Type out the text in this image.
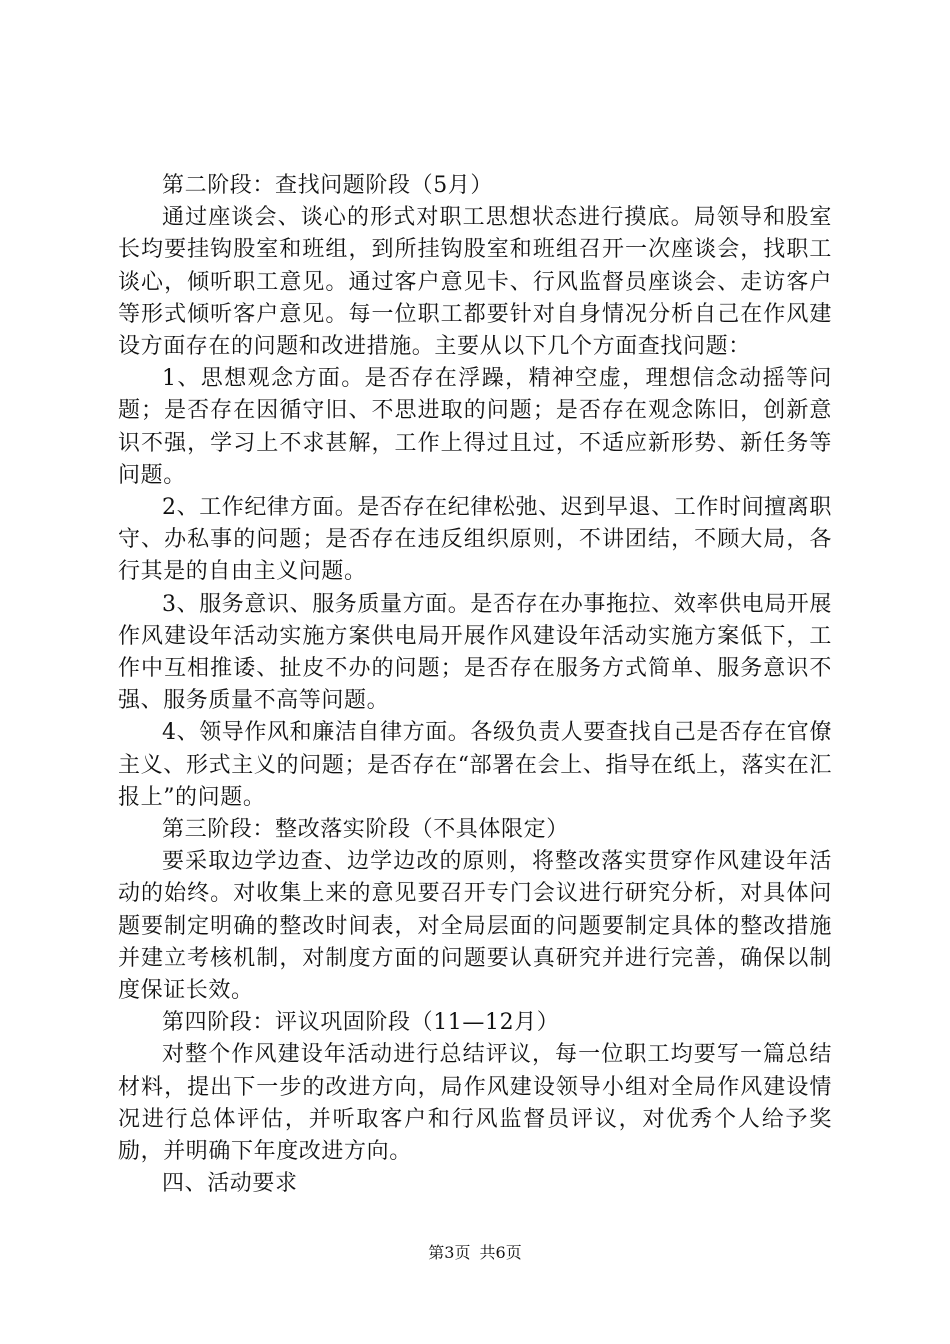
第二阶段：查找问题阶段（5月）

通过座谈会、谈心的形式对职工思想状态进行摸底。局领导和股室长均要挂钩股室和班组，到所挂钩股室和班组召开一次座谈会，找职工谈心，倾听职工意见。通过客户意见卡、行风监督员座谈会、走访客户等形式倾听客户意见。每一位职工都要针对自身情况分析自己在作风建设方面存在的问题和改进措施。主要从以下几个方面查找问题：

1、思想观念方面。是否存在浮躁，精神空虚，理想信念动摇等问题；是否存在因循守旧、不思进取的问题；是否存在观念陈旧，创新意识不强，学习上不求甚解，工作上得过且过，不适应新形势、新任务等问题。

2、工作纪律方面。是否存在纪律松弛、迟到早退、工作时间擅离职守、办私事的问题；是否存在违反组织原则，不讲团结，不顾大局，各行其是的自由主义问题。

3、服务意识、服务质量方面。是否存在办事拖拉、效率供电局开展作风建设年活动实施方案供电局开展作风建设年活动实施方案低下，工作中互相推诿、扯皮不办的问题；是否存在服务方式简单、服务意识不强、服务质量不高等问题。

4、领导作风和廉洁自律方面。各级负责人要查找自己是否存在官僚主义、形式主义的问题；是否存在“部署在会上、指导在纸上，落实在汇报上”的问题。

第三阶段：整改落实阶段（不具体限定）

要采取边学边查、边学边改的原则，将整改落实贯穿作风建设年活动的始终。对收集上来的意见要召开专门会议进行研究分析，对具体问题要制定明确的整改时间表，对全局层面的问题要制定具体的整改措施并建立考核机制，对制度方面的问题要认真研究并进行完善，确保以制度保证长效。

第四阶段：评议巩固阶段（11—12月）

对整个作风建设年活动进行总结评议，每一位职工均要写一篇总结材料，提出下一步的改进方向，局作风建设领导小组对全局作风建设情况进行总体评估，并听取客户和行风监督员评议，对优秀个人给予奖励，并明确下年度改进方向。

四、活动要求

第3页 共6页
